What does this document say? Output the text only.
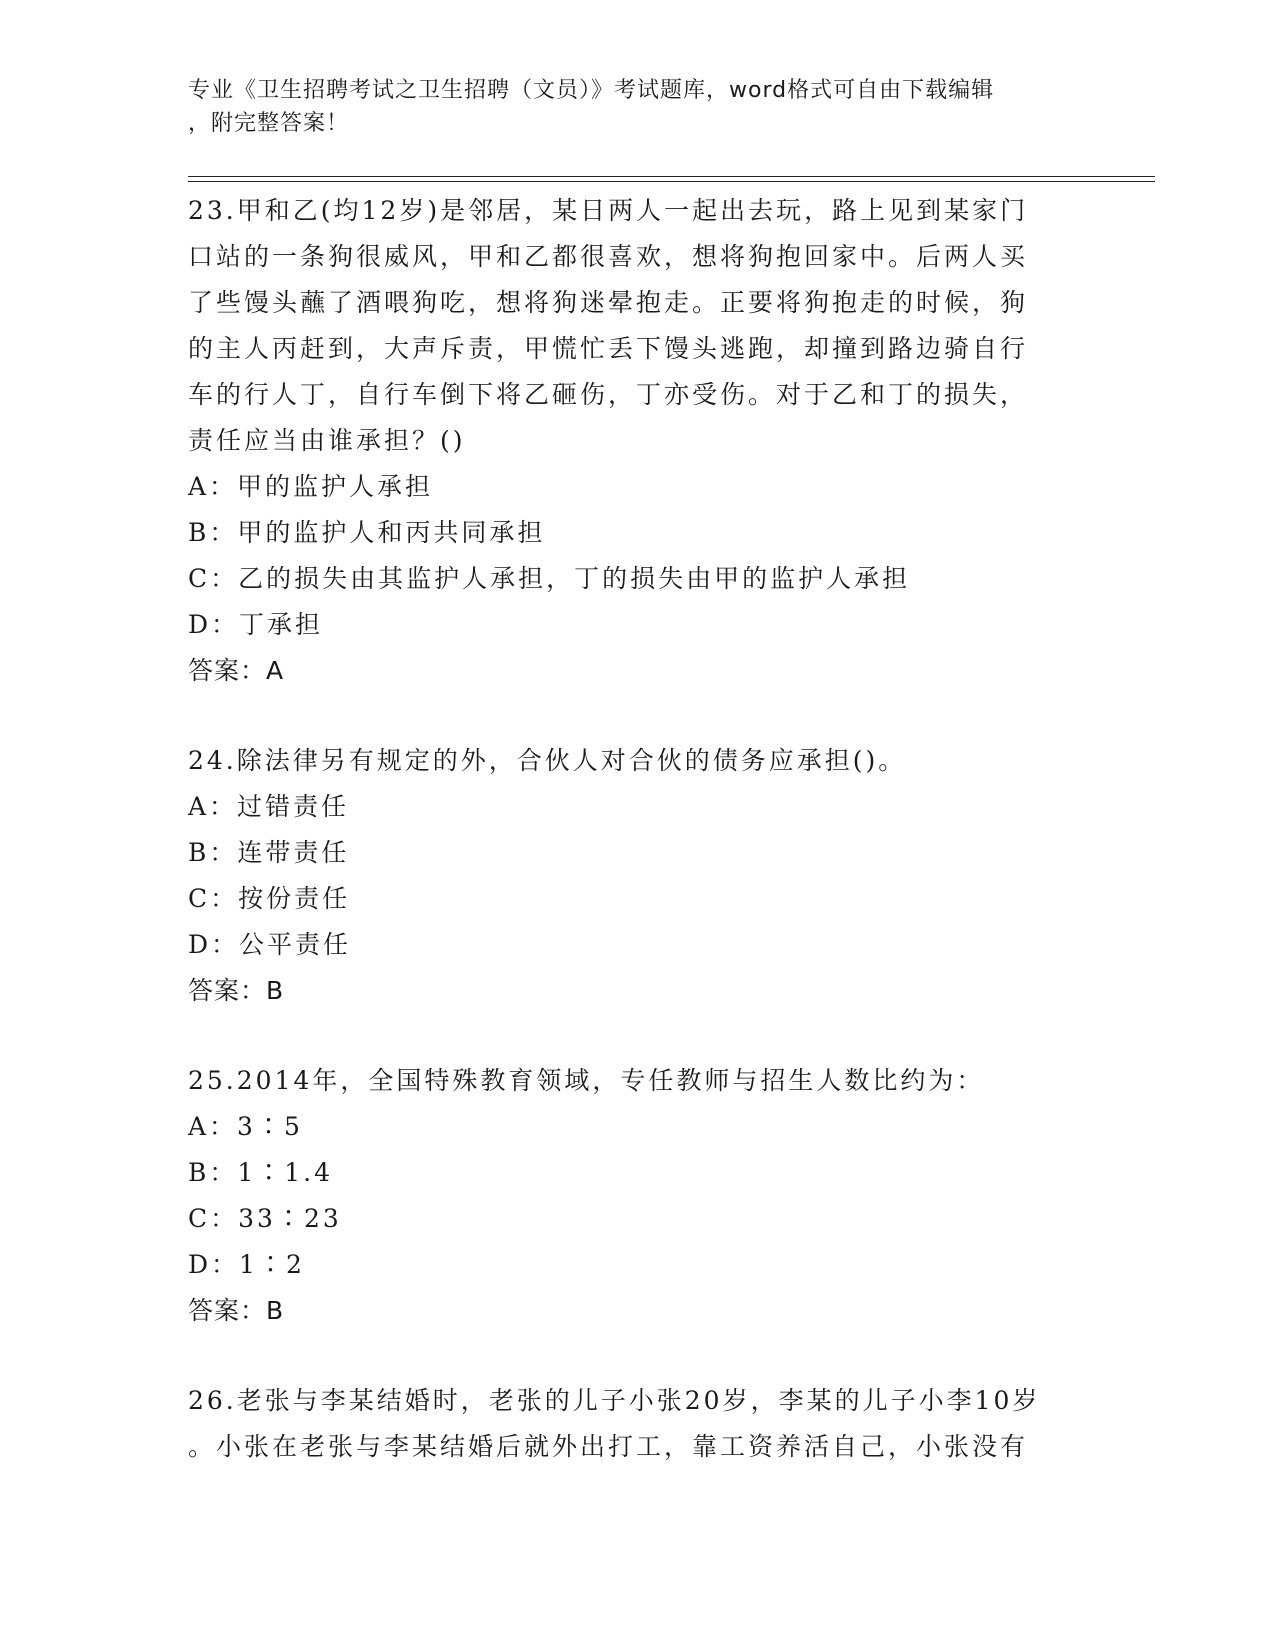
专业《卫生招聘考试之卫生招聘（文员）》考试题库，word格式可自由下载编辑
，附完整答案！

23.甲和乙(均12岁)是邻居，某日两人一起出去玩，路上见到某家门

口站的一条狗很威风，甲和乙都很喜欢，想将狗抱回家中。后两人买

了些馒头蘸了酒喂狗吃，想将狗迷晕抱走。正要将狗抱走的时候，狗

的主人丙赶到，大声斥责，甲慌忙丢下馒头逃跑，却撞到路边骑自行

车的行人丁，自行车倒下将乙砸伤，丁亦受伤。对于乙和丁的损失，

责任应当由谁承担？()

A：甲的监护人承担

B：甲的监护人和丙共同承担

C：乙的损失由其监护人承担，丁的损失由甲的监护人承担

D：丁承担

答案：A

24.除法律另有规定的外，合伙人对合伙的债务应承担()。

A：过错责任

B：连带责任

C：按份责任

D：公平责任

答案：B

25.2014年，全国特殊教育领域，专任教师与招生人数比约为：

A：3∶5

B：1∶1.4

C：33∶23

D：1∶2

答案：B

26.老张与李某结婚时，老张的儿子小张20岁，李某的儿子小李10岁

。小张在老张与李某结婚后就外出打工，靠工资养活自己，小张没有
